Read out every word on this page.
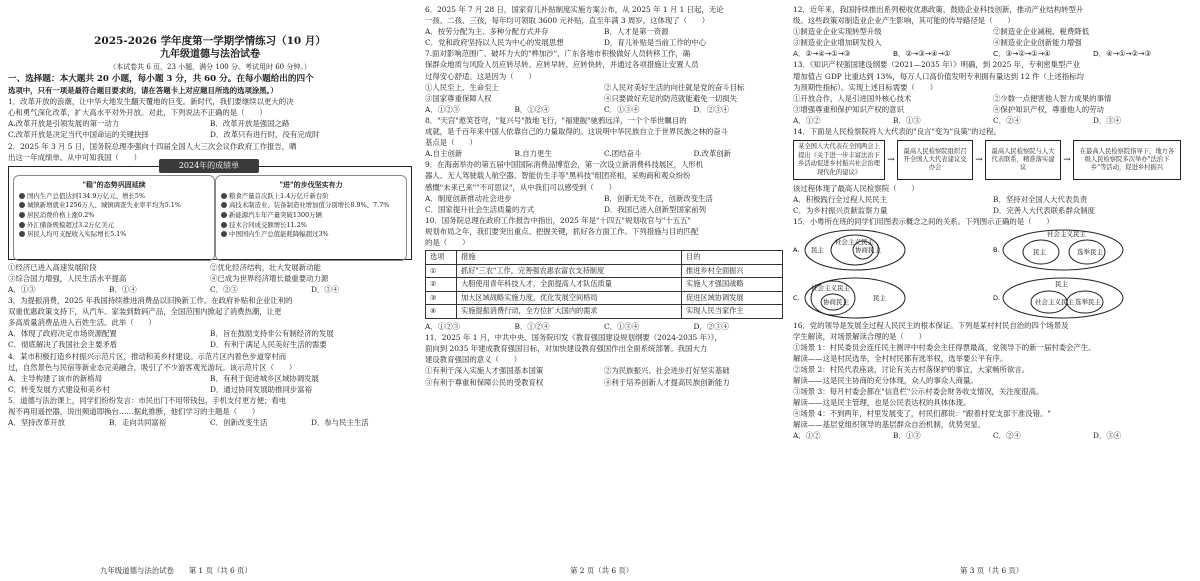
2025-2026 学年度第一学期学情练习（10 月）

九年级道德与法治试卷

（本试卷共 6 页，23 小题，满分 100 分。考试用时 60 分钟。）

一、选择题：本大题共 20 小题，每小题 3 分，共 60 分。在每小题给出的四个

选项中，只有一项是最符合题目要求的，请在答题卡上对应题目所选的选项涂黑。）

1．改革开放的浪潮，让中华大地发生翻天覆地的巨变。新时代，我们要继续以更大的决

心和勇气深化改革，扩大高水平对外开放。对此，下列说法不正确的是（　　）

A.改革开放是引领发展的第一动力	B．改革开放是强国之路
C.改革开放是决定当代中国命运的关键抉择	D．改革只有进行时，没有完成时

2．2025 年 3 月 5 日，国务院总理李强向十四届全国人大三次会议作政府工作报告，晒

出这一年成绩单。从中可知我国（　　）

2024年的成绩单
"稳"的态势巩固延续
国内生产总值达到134.9万亿元、增长5%
城镇新增就业1256万人、城镇调查失业率平均为5.1%
居民消费价格上涨0.2%
外汇储备规模超过3.2万亿美元
居民人均可支配收入实际增长5.1%
"进"的步伐坚实有力
粮食产量首次跃上1.4万亿斤新台阶
高技术制造业、装备制造业增加值分别增长8.9%、7.7%
新能源汽车年产量突破1300万辆
技术合同成交额增长11.2%
中国国内生产总值能耗降幅超过3%
①经济已进入高速发展阶段	②优化经济结构，壮大发展新动能
③综合国力增强，人民生活水平提高	④已成为世界经济增长最重要动力源
A．①③	B．①④	C．②③	D．③④

3．为提振消费，2025 年我国持续推进消费品以旧换新工作。在政府补贴和企业让利的

双重优惠政策支持下，从汽车、家装到数码产品，全国范围内掀起了消费热潮，让更

多高质量消费品进入百姓生活。此举（　　）

A．体现了政府决定市场资源配置	B．旨在鼓励支持非公有制经济的发展
C．彻底解决了我国社会主要矛盾	D．有利于满足人民美好生活的需要

4．某市积极打造乡村振兴示范片区，推动和美乡村建设。示范片区内着色步道穿村而

过，自然景色与民宿等新业态完美融合，吸引了不少游客观光游玩。该示范片区（　　）

A．主导构建了该市的新格局	B．有利于促进城乡区域协调发展
C．转变发展方式建设和美乡村	D．通过协同发展助推同步富裕

5．道德与法治课上，同学们纷纷发言：市民出门不用带钱包，手机支付更方便；看电

视不再用遥控器，说出频道即换台……据此推断，他们学习的主题是（　　）

A．坚持改革开放	B．走向共同富裕	C．创新改变生活	D．参与民主生活

6．2025 年 7 月 28 日，国家育儿补贴制度实施方案公布，从 2025 年 1 月 1 日起，无论

一孩、二孩、三孩，每年均可领取 3600 元补贴，直至年满 3 周岁。这体现了（　　）

A．按劳分配为主、多种分配方式并存	B．人才是第一资源
C．党和政府坚持以人民为中心的发展思想	D．育儿补贴是当前工作的中心

7.面对影响范围广、破坏力大的"桦加沙"，广东各地市积极做好人员转移工作，确

保群众地质与风险人员应转尽转、应转早转、应转快转，并通过各项措施让安置人员

过得安心舒适。这是因为（　　）

①人民至上、生命至上	②人民对美好生活的向往就是党的奋斗目标
③国家尊重保障人权	④只要做好充足的防范就能避免一切损失
A．①②③	B．①②④	C．①③④	D．②③④

8．"天宫"遨笑苍穹，"复兴号"鼓地飞行，"福建舰"驰鸦远洋，一个个举世瞩目的

成就，是千百年来中国人依靠自己的力量取得的。这说明中华民族自立于世界民族之林的奋斗

基点是（　　）

A.自主创新	B.自力更生	C.团结奋斗	D.改革创新

9．在海南举办的第五届中国国际消费品博览会，第一次设立新消费科技展区，人形机

器人、无人驾驶载人航空器、智能仿生手等"黑科技"组团亮相，采购商和观众纷纷

感慨"未来已来""不可思议"，从中我们可以感受到（　　）

A．制度创新推动社会进步	B．创新无处不在，创新改变生活
C．国家提升社会生活质量的方式	D．我国已进入创新型国家前列

10．国务院总理在政府工作报告中指出，2025 年是"十四五"规划收官与"十五五"

规划布局之年，我们要突出重点、把握关键，抓好各方面工作。下列措施与目的匹配

的是（　　）

选项	措施	目的
①	抓好"三农"工作，完善强农惠农富农支持制度	推进乡村全面振兴
②	大胆使用青年科技人才，全面提高人才队伍质量	实施人才强国战略
③	加大区域战略实施力度，优化发展空间格局	促进区域协调发展
④	实施提振消费行动，全方位扩大国内的需求	实现人民当家作主
A．①②③	B．①②④	C．①③④	D．②③④

11．2025 年 1 月，中共中央、国务院印发《教育强国建设规划纲要（2024-2035 年）》，

面向到 2035 年建成教育强国目标，对加快建设教育强国作出全面系统部署。我国大力

建设教育强国的意义（　　）

①有利于深入实施人才强国基本国策	②为民族振兴、社会进步打好坚实基础
③有利于尊重和保障公民的受教育权	④利于培养创新人才提高民族创新能力

12．近年来，我国持续推出系列税收优惠政策，鼓励企业科技创新，推动产业结构转型升

级。这些政策对制造业企业产生影响，其可能的传导路径是（　　）

①制造业企业实现转型升级	②制造业企业减税、税费降低
③制造业企业增加研发投入	④制造业企业创新能力增强
A．②→④→①→③	B．②→③→④→①	C．③→②→①→④	D．④→①→②→③

13．《知识产权强国建设纲要（2021—2035 年）》明确，到 2025 年，专利密集型产业

增加值占 GDP 比重达到 13%，每万人口高价值发明专利拥有量达到 12 件（上述指标均

为预期性指标）。实现上述目标需要（　　）

①开放合作，人是引进国外核心技术	②少数一点便害他人智力成果的事情
③增强尊重和保护知识产权的意识	④保护知识产权，尊重他人的劳动
A．①②	B．①③	C．②④	D．③④

14．下面是人民检察院将人大代表的"良言"变为"良策"的过程。

某全国人大代表在全国两会上提出《关于进一步丰富法治下乡活动促进乡村振兴社会治理现代化的建议》
→
最高人民检察院组织召开全国人大代表建议交办会
→
最高人民检察院与人大代表联系，精准落实建议
→
在最高人民检察院指导下，地方各级人民检察院多次举办"法治下乡"等活动，促进乡村振兴

该过程体现了最高人民检察院（　　）

A．积极践行全过程人民民主	B．坚持对全国人大代表负责
C．为乡村振兴贡献监察力量	D．完善人大代表联系群众制度

15．小粤所在班的同学们用图表示概念之间的关系。下列图示正确的是（　　）

A. 民主
社会主义民主
协商民主	B.
社会主义民主
民主	选举民主
C.
社会主义民主
协商民主	民主	D.
民主
社会主义民主 选举民主

16．党的领导是发展全过程人民民主的根本保证。下列是某村村民自治的四个场景及

学生解读，对场景解读合理的是（　　）

①场景 1：村民委员会连任民主测评中村委会主任得票最高，党领导下的新一届村委会产生。

解读——这是村民选举，全村村民都有选举权，选举要公平有序。

②场景 2：村民代表座谈，讨论有关古村落保护的事宜，大家畅所欲言。

解读——这是民主协商的充分体现，众人的事众人商量。

③场景 3：每月村委会都在"信息栏"公示村委会财务收支情况，关注度很高。

解读——这是民主管理，也是公民表达权的具体体现。

④场景 4：不到两年，村里发展变了，村民们都说："跟着村党支部干准没错。"

解读——基层党组织领导的基层群众自治机制，优势突显。

A．①②	B．①③	C．②④	D．③④
九年级道德与法治试卷　　第 1 页（共 6 页）	第 2 页（共 6 页）	第 3 页（共 6 页）
